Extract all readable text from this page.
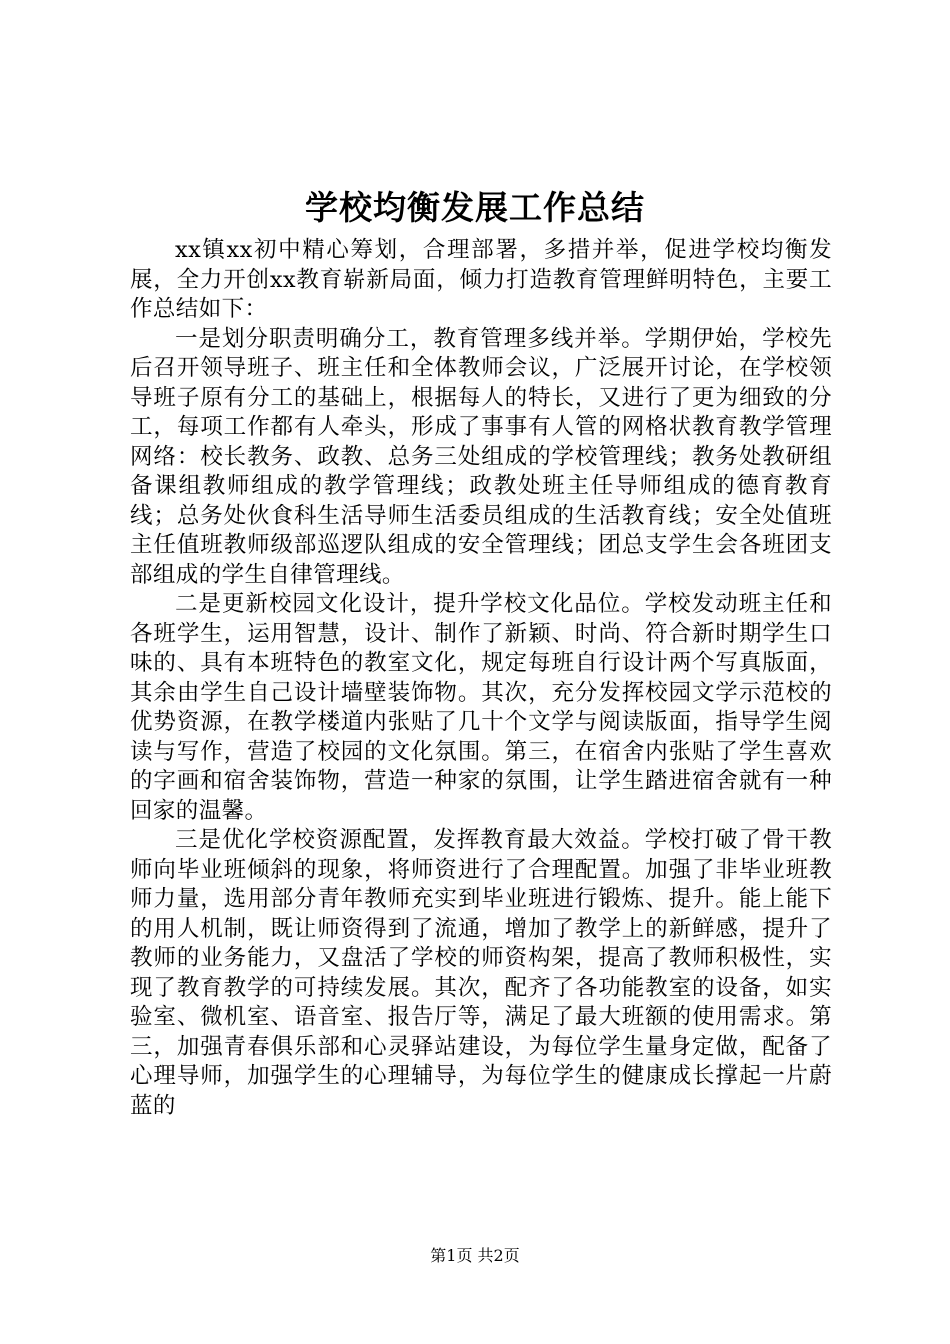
学校均衡发展工作总结

xx镇xx初中精心筹划，合理部署，多措并举，促进学校均衡发展，全力开创xx教育崭新局面，倾力打造教育管理鲜明特色，主要工作总结如下：

一是划分职责明确分工，教育管理多线并举。学期伊始，学校先后召开领导班子、班主任和全体教师会议，广泛展开讨论，在学校领导班子原有分工的基础上，根据每人的特长，又进行了更为细致的分工，每项工作都有人牵头，形成了事事有人管的网格状教育教学管理网络：校长教务、政教、总务三处组成的学校管理线；教务处教研组备课组教师组成的教学管理线；政教处班主任导师组成的德育教育线；总务处伙食科生活导师生活委员组成的生活教育线；安全处值班主任值班教师级部巡逻队组成的安全管理线；团总支学生会各班团支部组成的学生自律管理线。

二是更新校园文化设计，提升学校文化品位。学校发动班主任和各班学生，运用智慧，设计、制作了新颖、时尚、符合新时期学生口味的、具有本班特色的教室文化，规定每班自行设计两个写真版面，其余由学生自己设计墙壁装饰物。其次，充分发挥校园文学示范校的优势资源，在教学楼道内张贴了几十个文学与阅读版面，指导学生阅读与写作，营造了校园的文化氛围。第三，在宿舍内张贴了学生喜欢的字画和宿舍装饰物，营造一种家的氛围，让学生踏进宿舍就有一种回家的温馨。

三是优化学校资源配置，发挥教育最大效益。学校打破了骨干教师向毕业班倾斜的现象，将师资进行了合理配置。加强了非毕业班教师力量，选用部分青年教师充实到毕业班进行锻炼、提升。能上能下的用人机制，既让师资得到了流通，增加了教学上的新鲜感，提升了教师的业务能力，又盘活了学校的师资构架，提高了教师积极性，实现了教育教学的可持续发展。其次，配齐了各功能教室的设备，如实验室、微机室、语音室、报告厅等，满足了最大班额的使用需求。第三，加强青春俱乐部和心灵驿站建设，为每位学生量身定做，配备了心理导师，加强学生的心理辅导，为每位学生的健康成长撑起一片蔚蓝的

第1页 共2页
